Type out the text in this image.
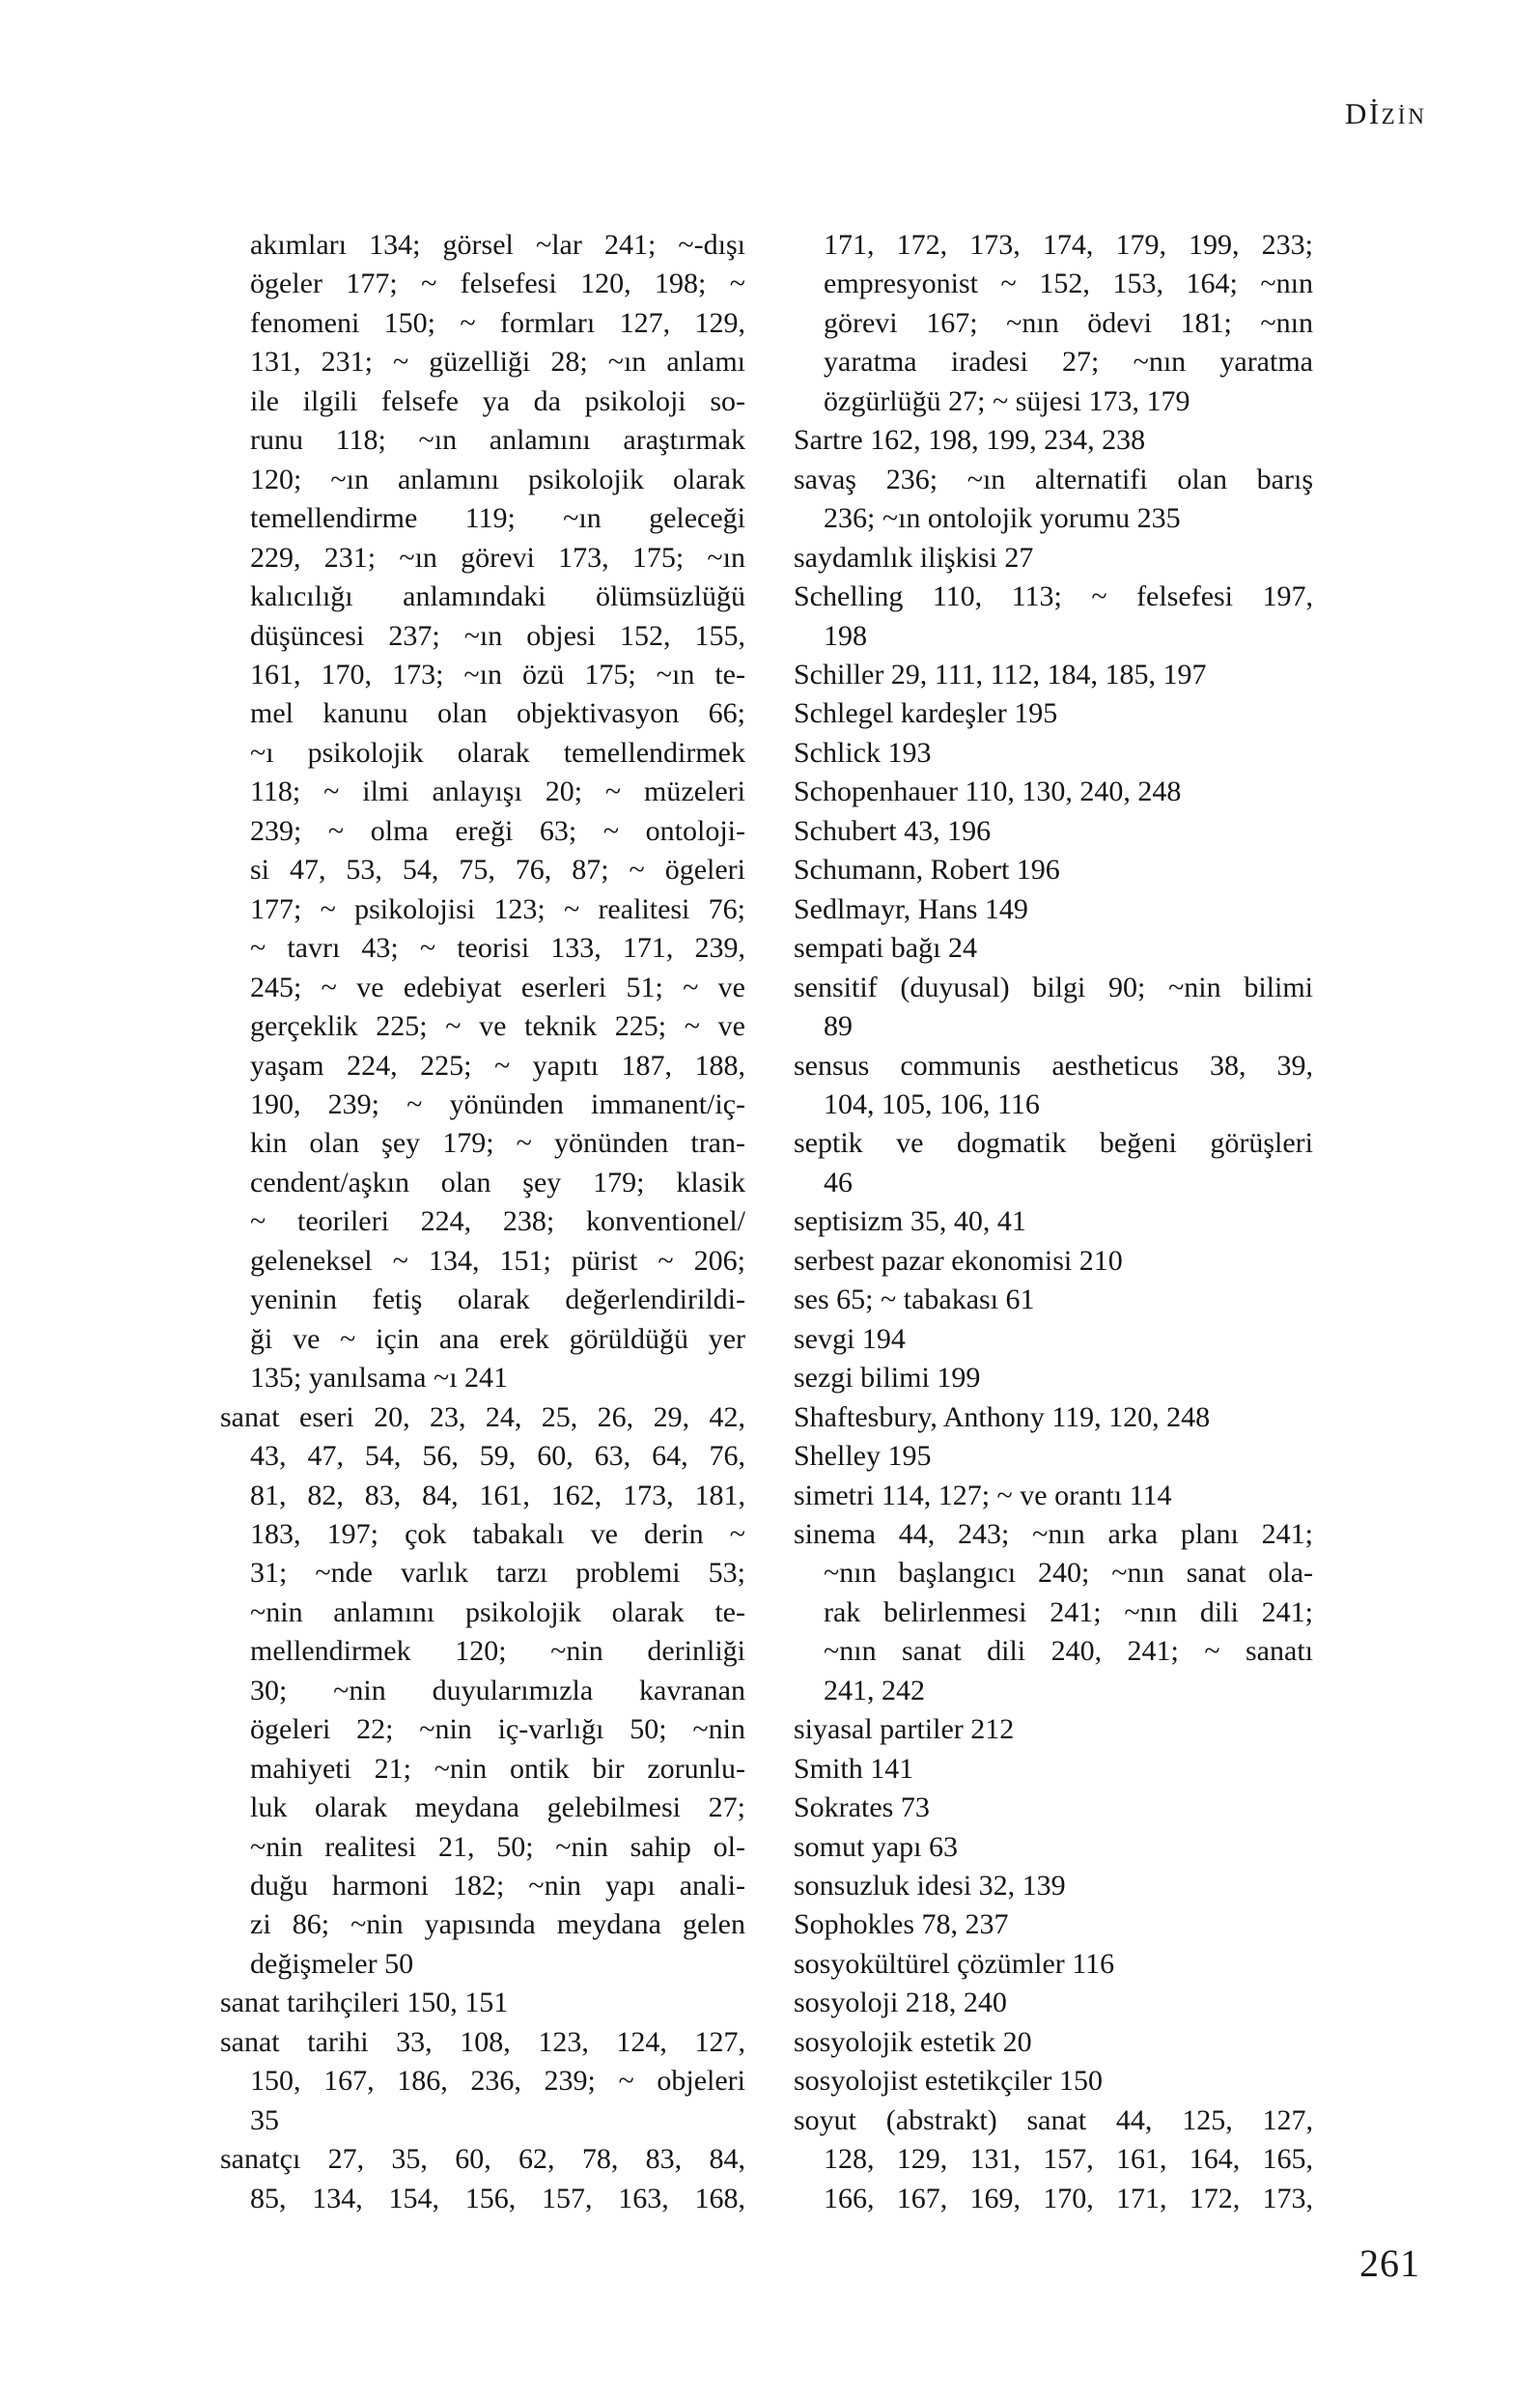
DİZİN
akımları 134; görsel ~lar 241; ~-dışı
ögeler 177; ~ felsefesi 120, 198; ~
fenomeni 150; ~ formları 127, 129,
131, 231; ~ güzelliği 28; ~ın anlamı
ile ilgili felsefe ya da psikoloji so-
runu 118; ~ın anlamını araştırmak
120; ~ın anlamını psikolojik olarak
temellendirme 119; ~ın geleceği
229, 231; ~ın görevi 173, 175; ~ın
kalıcılığı anlamındaki ölümsüzlüğü
düşüncesi 237; ~ın objesi 152, 155,
161, 170, 173; ~ın özü 175; ~ın te-
mel kanunu olan objektivasyon 66;
~ı psikolojik olarak temellendirmek
118; ~ ilmi anlayışı 20; ~ müzeleri
239; ~ olma ereği 63; ~ ontoloji-
si 47, 53, 54, 75, 76, 87; ~ ögeleri
177; ~ psikolojisi 123; ~ realitesi 76;
~ tavrı 43; ~ teorisi 133, 171, 239,
245; ~ ve edebiyat eserleri 51; ~ ve
gerçeklik 225; ~ ve teknik 225; ~ ve
yaşam 224, 225; ~ yapıtı 187, 188,
190, 239; ~ yönünden immanent/iç-
kin olan şey 179; ~ yönünden tran-
cendent/aşkın olan şey 179; klasik
~ teorileri 224, 238; konventionel/
geleneksel ~ 134, 151; pürist ~ 206;
yeninin fetiş olarak değerlendirildi-
ği ve ~ için ana erek görüldüğü yer
135; yanılsama ~ı 241
sanat eseri 20, 23, 24, 25, 26, 29, 42,
43, 47, 54, 56, 59, 60, 63, 64, 76,
81, 82, 83, 84, 161, 162, 173, 181,
183, 197; çok tabakalı ve derin ~
31; ~nde varlık tarzı problemi 53;
~nin anlamını psikolojik olarak te-
mellendirmek 120; ~nin derinliği
30; ~nin duyularımızla kavranan
ögeleri 22; ~nin iç-varlığı 50; ~nin
mahiyeti 21; ~nin ontik bir zorunlu-
luk olarak meydana gelebilmesi 27;
~nin realitesi 21, 50; ~nin sahip ol-
duğu harmoni 182; ~nin yapı anali-
zi 86; ~nin yapısında meydana gelen
değişmeler 50
sanat tarihçileri 150, 151
sanat tarihi 33, 108, 123, 124, 127,
150, 167, 186, 236, 239; ~ objeleri
35
sanatçı 27, 35, 60, 62, 78, 83, 84,
85, 134, 154, 156, 157, 163, 168,
171, 172, 173, 174, 179, 199, 233;
empresyonist ~ 152, 153, 164; ~nın
görevi 167; ~nın ödevi 181; ~nın
yaratma iradesi 27; ~nın yaratma
özgürlüğü 27; ~ süjesi 173, 179
Sartre 162, 198, 199, 234, 238
savaş 236; ~ın alternatifi olan barış
236; ~ın ontolojik yorumu 235
saydamlık ilişkisi 27
Schelling 110, 113; ~ felsefesi 197,
198
Schiller 29, 111, 112, 184, 185, 197
Schlegel kardeşler 195
Schlick 193
Schopenhauer 110, 130, 240, 248
Schubert 43, 196
Schumann, Robert 196
Sedlmayr, Hans 149
sempati bağı 24
sensitif (duyusal) bilgi 90; ~nin bilimi
89
sensus communis aestheticus 38, 39,
104, 105, 106, 116
septik ve dogmatik beğeni görüşleri
46
septisizm 35, 40, 41
serbest pazar ekonomisi 210
ses 65; ~ tabakası 61
sevgi 194
sezgi bilimi 199
Shaftesbury, Anthony 119, 120, 248
Shelley 195
simetri 114, 127; ~ ve orantı 114
sinema 44, 243; ~nın arka planı 241;
~nın başlangıcı 240; ~nın sanat ola-
rak belirlenmesi 241; ~nın dili 241;
~nın sanat dili 240, 241; ~ sanatı
241, 242
siyasal partiler 212
Smith 141
Sokrates 73
somut yapı 63
sonsuzluk idesi 32, 139
Sophokles 78, 237
sosyokültürel çözümler 116
sosyoloji 218, 240
sosyolojik estetik 20
sosyolojist estetikçiler 150
soyut (abstrakt) sanat 44, 125, 127,
128, 129, 131, 157, 161, 164, 165,
166, 167, 169, 170, 171, 172, 173,
261
